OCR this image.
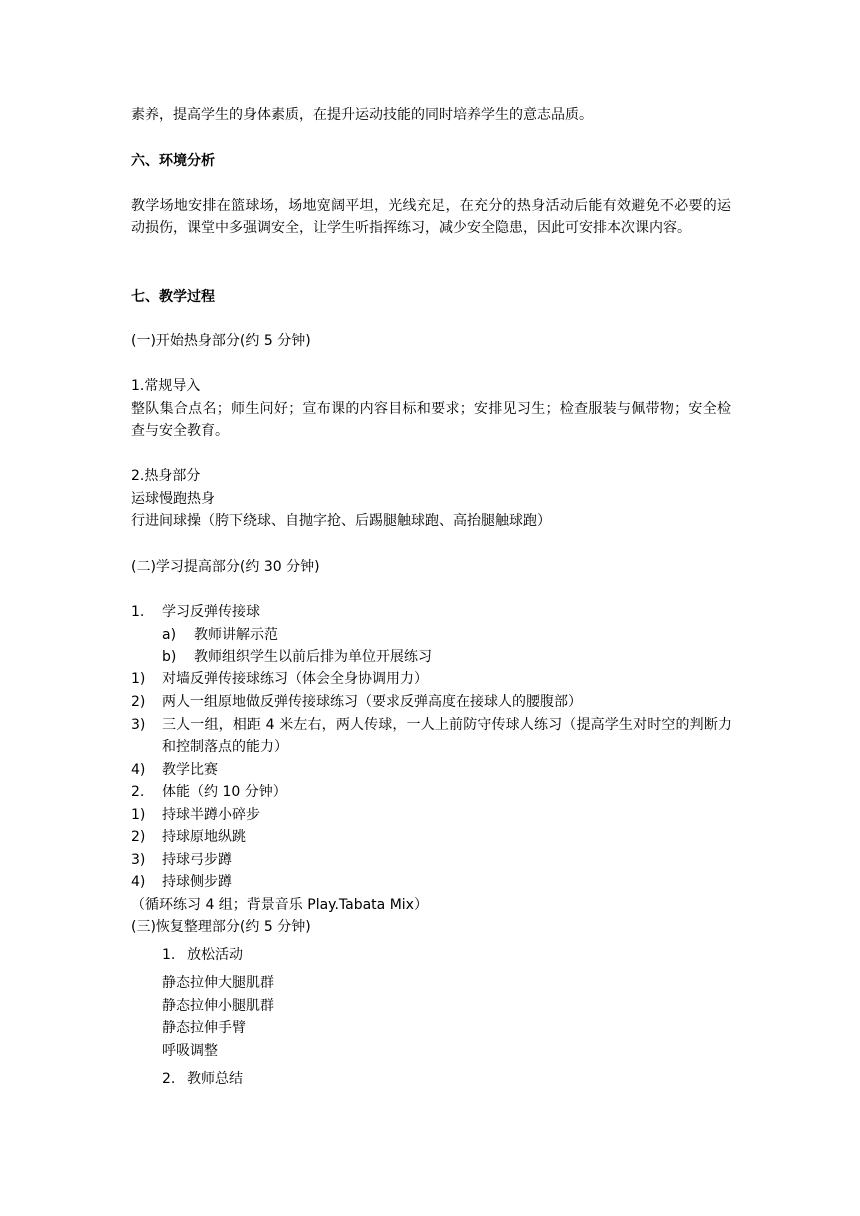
素养，提高学生的身体素质，在提升运动技能的同时培养学生的意志品质。
六、环境分析
教学场地安排在篮球场，场地宽阔平坦，光线充足，在充分的热身活动后能有效避免不必要的运动损伤，课堂中多强调安全，让学生听指挥练习，减少安全隐患，因此可安排本次课内容。
七、教学过程
(一)开始热身部分(约 5 分钟)
1.常规导入
整队集合点名；师生问好；宣布课的内容目标和要求；安排见习生；检查服装与佩带物；安全检查与安全教育。
2.热身部分
运球慢跑热身
行进间球操（胯下绕球、自抛字抢、后踢腿触球跑、高抬腿触球跑）
(二)学习提高部分(约 30 分钟)
1. 学习反弹传接球
a) 教师讲解示范
b) 教师组织学生以前后排为单位开展练习
1) 对墙反弹传接球练习（体会全身协调用力）
2) 两人一组原地做反弹传接球练习（要求反弹高度在接球人的腰腹部）
3) 三人一组，相距 4 米左右，两人传球，一人上前防守传球人练习（提高学生对时空的判断力和控制落点的能力）
4) 教学比赛
2. 体能（约 10 分钟）
1) 持球半蹲小碎步
2) 持球原地纵跳
3) 持球弓步蹲
4) 持球侧步蹲
（循环练习 4 组；背景音乐 Play.Tabata Mix）
(三)恢复整理部分(约 5 分钟)
1. 放松活动
静态拉伸大腿肌群
静态拉伸小腿肌群
静态拉伸手臂
呼吸调整
2. 教师总结
